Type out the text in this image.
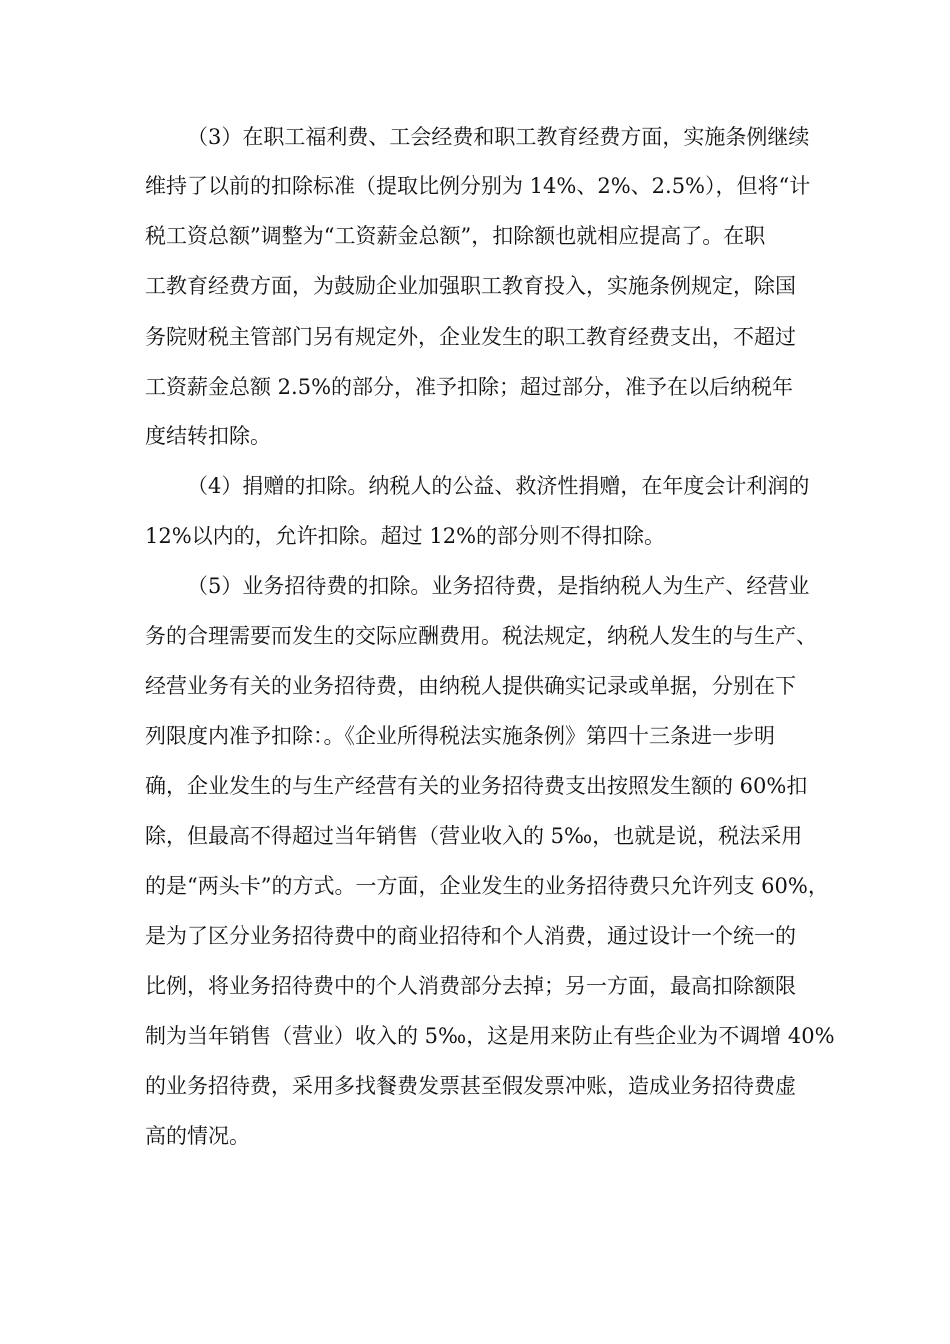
（3）在职工福利费、工会经费和职工教育经费方面，实施条例继续
维持了以前的扣除标准（提取比例分别为 14%、2%、2.5%），但将“计
税工资总额”调整为“工资薪金总额”，扣除额也就相应提高了。在职
工教育经费方面，为鼓励企业加强职工教育投入，实施条例规定，除国
务院财税主管部门另有规定外，企业发生的职工教育经费支出，不超过
工资薪金总额 2.5%的部分，准予扣除；超过部分，准予在以后纳税年
度结转扣除。
（4）捐赠的扣除。纳税人的公益、救济性捐赠，在年度会计利润的
12%以内的，允许扣除。超过 12%的部分则不得扣除。
（5）业务招待费的扣除。业务招待费，是指纳税人为生产、经营业
务的合理需要而发生的交际应酬费用。税法规定，纳税人发生的与生产、
经营业务有关的业务招待费，由纳税人提供确实记录或单据，分别在下
列限度内准予扣除：。《企业所得税法实施条例》第四十三条进一步明
确，企业发生的与生产经营有关的业务招待费支出按照发生额的 60%扣
除，但最高不得超过当年销售（营业收入的 5‰，也就是说，税法采用
的是“两头卡”的方式。一方面，企业发生的业务招待费只允许列支 60%，
是为了区分业务招待费中的商业招待和个人消费，通过设计一个统一的
比例，将业务招待费中的个人消费部分去掉；另一方面，最高扣除额限
制为当年销售（营业）收入的 5‰，这是用来防止有些企业为不调增 40%
的业务招待费，采用多找餐费发票甚至假发票冲账，造成业务招待费虚
高的情况。
